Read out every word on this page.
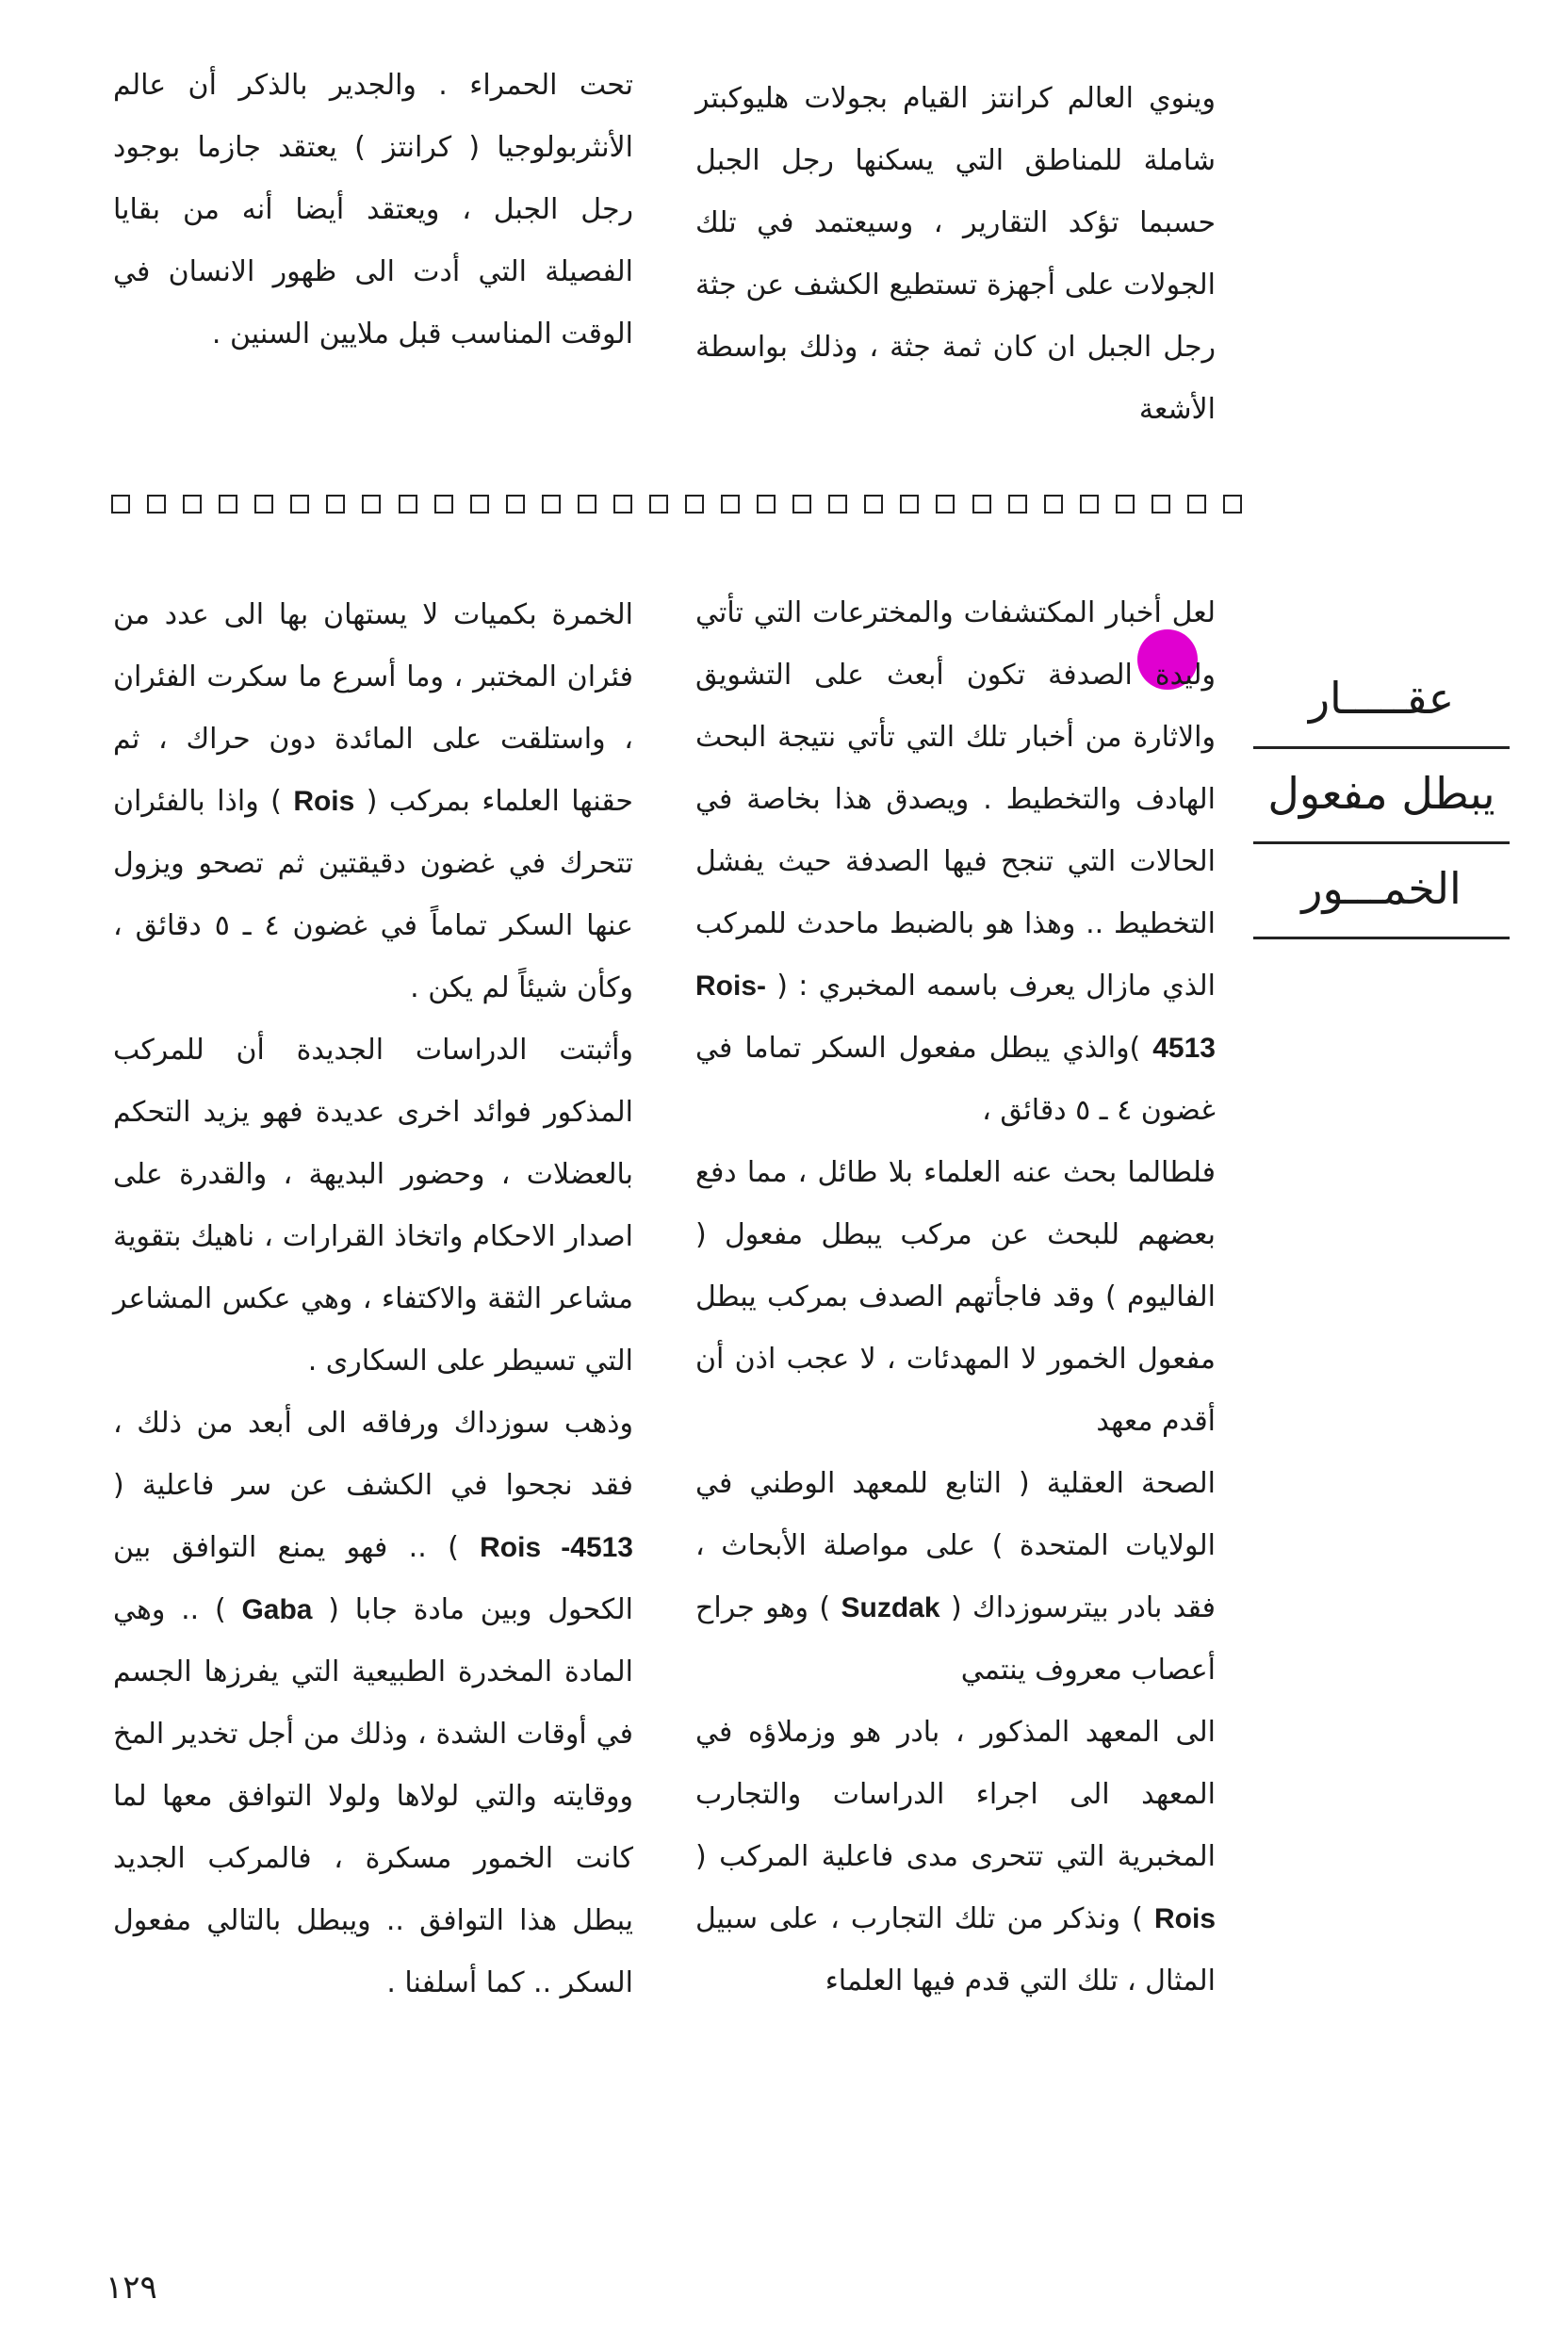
وينوي العالم كرانتز القيام بجولات هليوكبتر شاملة للمناطق التي يسكنها رجل الجبل حسبما تؤكد التقارير ، وسيعتمد في تلك الجولات على أجهزة تستطيع الكشف عن جثة رجل الجبل ان كان ثمة جثة ، وذلك بواسطة الأشعة

تحت الحمراء . والجدير بالذكر أن عالم الأنثربولوجيا ( كرانتز ) يعتقد جازما بوجود رجل الجبل ، ويعتقد أيضا أنه من بقايا الفصيلة التي أدت الى ظهور الانسان في الوقت المناسب قبل ملايين السنين .

عقـــــار
يبطل مفعول
الخمـــور

لعل أخبار المكتشفات والمخترعات التي تأتي وليدة الصدفة تكون أبعث على التشويق والاثارة من أخبار تلك التي تأتي نتيجة البحث الهادف والتخطيط . ويصدق هذا بخاصة في الحالات التي تنجح فيها الصدفة حيث يفشل التخطيط .. وهذا هو بالضبط ماحدث للمركب الذي مازال يعرف باسمه المخبري : ( Rois-4513 )والذي يبطل مفعول السكر تماما في غضون ٤ ـ ٥ دقائق ،

فلطالما بحث عنه العلماء بلا طائل ، مما دفع بعضهم للبحث عن مركب يبطل مفعول ( الفاليوم ) وقد فاجأتهم الصدف بمركب يبطل مفعول الخمور لا المهدئات ، لا عجب اذن أن أقدم معهد

الصحة العقلية ( التابع للمعهد الوطني في الولايات المتحدة ) على مواصلة الأبحاث ، فقد بادر بيترسوزداك ( Suzdak ) وهو جراح أعصاب معروف ينتمي

الى المعهد المذكور ، بادر هو وزملاؤه في المعهد الى اجراء الدراسات والتجارب المخبرية التي تتحرى مدى فاعلية المركب ( Rois ) ونذكر من تلك التجارب ، على سبيل المثال ، تلك التي قدم فيها العلماء

الخمرة بكميات لا يستهان بها الى عدد من فئران المختبر ، وما أسرع ما سكرت الفئران ، واستلقت على المائدة دون حراك ، ثم حقنها العلماء بمركب ( Rois ) واذا بالفئران تتحرك في غضون دقيقتين ثم تصحو ويزول عنها السكر تماماً في غضون ٤ ـ ٥ دقائق ، وكأن شيئاً لم يكن .

وأثبتت الدراسات الجديدة أن للمركب المذكور فوائد اخرى عديدة فهو يزيد التحكم بالعضلات ، وحضور البديهة ، والقدرة على اصدار الاحكام واتخاذ القرارات ، ناهيك بتقوية مشاعر الثقة والاكتفاء ، وهي عكس المشاعر التي تسيطر على السكارى .

وذهب سوزداك ورفاقه الى أبعد من ذلك ، فقد نجحوا في الكشف عن سر فاعلية ( Rois -4513 ) .. فهو يمنع التوافق بين الكحول وبين مادة جابا ( Gaba ) .. وهي المادة المخدرة الطبيعية التي يفرزها الجسم في أوقات الشدة ، وذلك من أجل تخدير المخ ووقايته والتي لولاها ولولا التوافق معها لما كانت الخمور مسكرة ، فالمركب الجديد يبطل هذا التوافق .. ويبطل بالتالي مفعول السكر .. كما أسلفنا .

١٢٩
